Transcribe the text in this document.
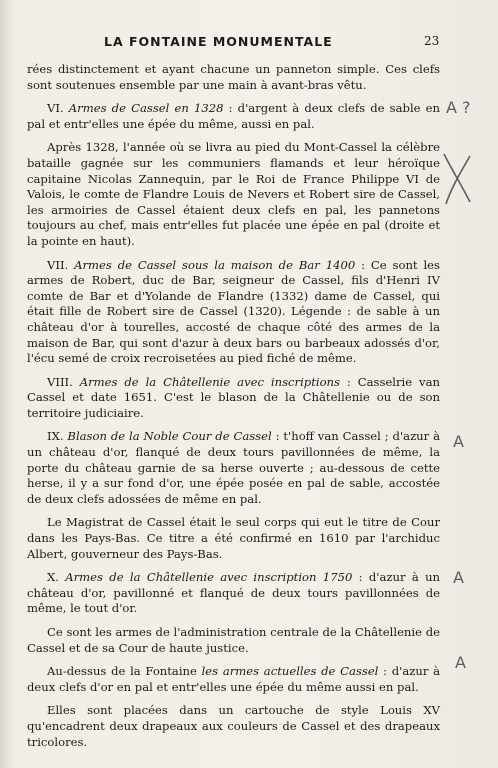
LA FONTAINE MONUMENTALE	23

rées distinctement et ayant chacune un panneton simple. Ces clefs sont soutenues ensemble par une main à avant-bras vêtu.

VI. Armes de Cassel en 1328 : d'argent à deux clefs de sable en pal et entr'elles une épée du même, aussi en pal.

Après 1328, l'année où se livra au pied du Mont-Cassel la célèbre bataille gagnée sur les communiers flamands et leur héroïque capitaine Nicolas Zannequin, par le Roi de France Philippe VI de Valois, le comte de Flandre Louis de Nevers et Robert sire de Cassel, les armoiries de Cassel étaient deux clefs en pal, les pannetons toujours au chef, mais entr'elles fut placée une épée en pal (droite et la pointe en haut).

VII. Armes de Cassel sous la maison de Bar 1400 : Ce sont les armes de Robert, duc de Bar, seigneur de Cassel, fils d'Henri IV comte de Bar et d'Yolande de Flandre (1332) dame de Cassel, qui était fille de Robert sire de Cassel (1320). Légende : de sable à un château d'or à tourelles, accosté de chaque côté des armes de la maison de Bar, qui sont d'azur à deux bars ou barbeaux adossés d'or, l'écu semé de croix recroisetées au pied fiché de même.

VIII. Armes de la Châtellenie avec inscriptions : Casselrie van Cassel et date 1651. C'est le blason de la Châtellenie ou de son territoire judiciaire.

IX. Blason de la Noble Cour de Cassel : t'hoff van Cassel ; d'azur à un château d'or, flanqué de deux tours pavillonnées de même, la porte du château garnie de sa herse ouverte ; au-dessous de cette herse, il y a sur fond d'or, une épée posée en pal de sable, accostée de deux clefs adossées de même en pal.

Le Magistrat de Cassel était le seul corps qui eut le titre de Cour dans les Pays-Bas. Ce titre a été confirmé en 1610 par l'archiduc Albert, gouverneur des Pays-Bas.

X. Armes de la Châtellenie avec inscription 1750 : d'azur à un château d'or, pavillonné et flanqué de deux tours pavillonnées de même, le tout d'or.

Ce sont les armes de l'administration centrale de la Châtellenie de Cassel et de sa Cour de haute justice.

Au-dessus de la Fontaine les armes actuelles de Cassel : d'azur à deux clefs d'or en pal et entr'elles une épée du même aussi en pal.

Elles sont placées dans un cartouche de style Louis XV qu'encadrent deux drapeaux aux couleurs de Cassel et des drapeaux tricolores.

A ?
A
A
A
